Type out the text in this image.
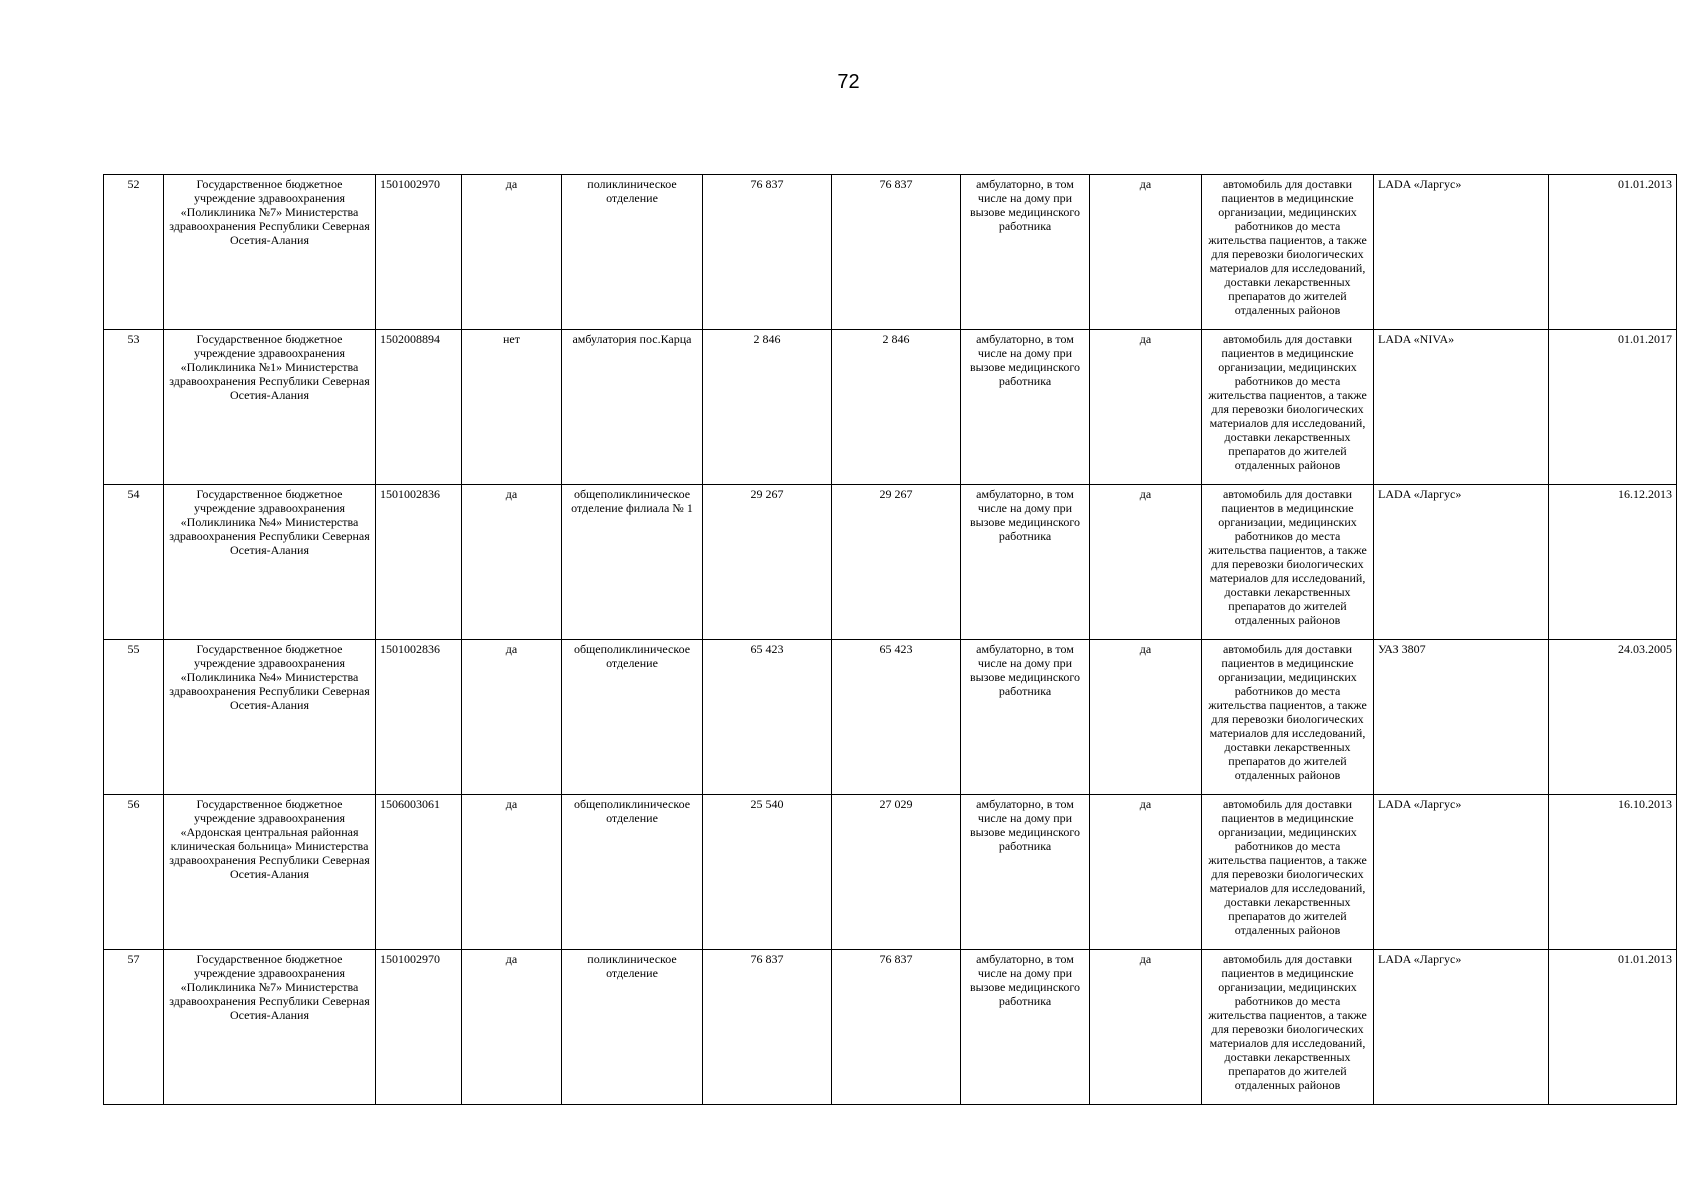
72
52	Государственное бюджетное учреждение здравоохранения «Поликлиника №7» Министерства здравоохранения Республики Северная Осетия-Алания	1501002970	да	поликлиническое отделение	76 837	76 837	амбулаторно, в том числе на дому при вызове медицинского работника	да	автомобиль для доставки пациентов в медицинские организации, медицинских работников до места жительства пациентов, а также для перевозки биологических материалов для исследований, доставки лекарственных препаратов до жителей отдаленных районов	LADA «Ларгус»	01.01.2013
53	Государственное бюджетное учреждение здравоохранения «Поликлиника №1» Министерства здравоохранения Республики Северная Осетия-Алания	1502008894	нет	амбулатория пос.Карца	2 846	2 846	амбулаторно, в том числе на дому при вызове медицинского работника	да	автомобиль для доставки пациентов в медицинские организации, медицинских работников до места жительства пациентов, а также для перевозки биологических материалов для исследований, доставки лекарственных препаратов до жителей отдаленных районов	LADA «NIVA»	01.01.2017
54	Государственное бюджетное учреждение здравоохранения «Поликлиника №4» Министерства здравоохранения Республики Северная Осетия-Алания	1501002836	да	общеполиклиническое отделение филиала № 1	29 267	29 267	амбулаторно, в том числе на дому при вызове медицинского работника	да	автомобиль для доставки пациентов в медицинские организации, медицинских работников до места жительства пациентов, а также для перевозки биологических материалов для исследований, доставки лекарственных препаратов до жителей отдаленных районов	LADA «Ларгус»	16.12.2013
55	Государственное бюджетное учреждение здравоохранения «Поликлиника №4» Министерства здравоохранения Республики Северная Осетия-Алания	1501002836	да	общеполиклиническое отделение	65 423	65 423	амбулаторно, в том числе на дому при вызове медицинского работника	да	автомобиль для доставки пациентов в медицинские организации, медицинских работников до места жительства пациентов, а также для перевозки биологических материалов для исследований, доставки лекарственных препаратов до жителей отдаленных районов	УАЗ 3807	24.03.2005
56	Государственное бюджетное учреждение здравоохранения «Ардонская центральная районная клиническая больница» Министерства здравоохранения Республики Северная Осетия-Алания	1506003061	да	общеполиклиническое отделение	25 540	27 029	амбулаторно, в том числе на дому при вызове медицинского работника	да	автомобиль для доставки пациентов в медицинские организации, медицинских работников до места жительства пациентов, а также для перевозки биологических материалов для исследований, доставки лекарственных препаратов до жителей отдаленных районов	LADA «Ларгус»	16.10.2013
57	Государственное бюджетное учреждение здравоохранения «Поликлиника №7» Министерства здравоохранения Республики Северная Осетия-Алания	1501002970	да	поликлиническое отделение	76 837	76 837	амбулаторно, в том числе на дому при вызове медицинского работника	да	автомобиль для доставки пациентов в медицинские организации, медицинских работников до места жительства пациентов, а также для перевозки биологических материалов для исследований, доставки лекарственных препаратов до жителей отдаленных районов	LADA «Ларгус»	01.01.2013
